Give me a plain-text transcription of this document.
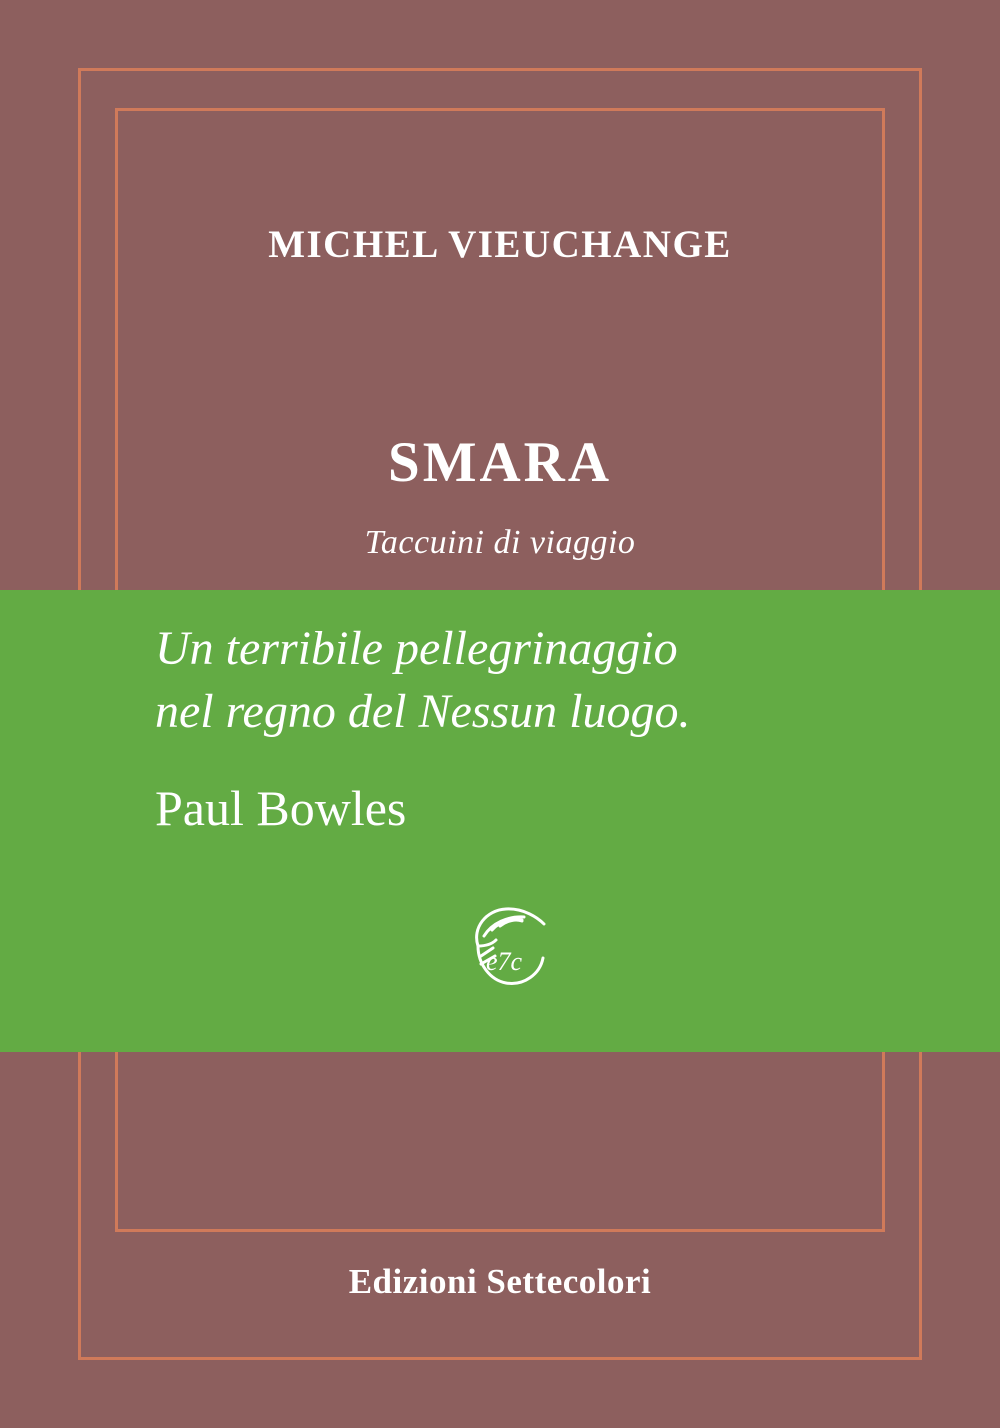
MICHEL VIEUCHANGE
SMARA
Taccuini di viaggio
Un terribile pellegrinaggio
nel regno del Nessun luogo.
Paul Bowles
e7c
Edizioni Settecolori
